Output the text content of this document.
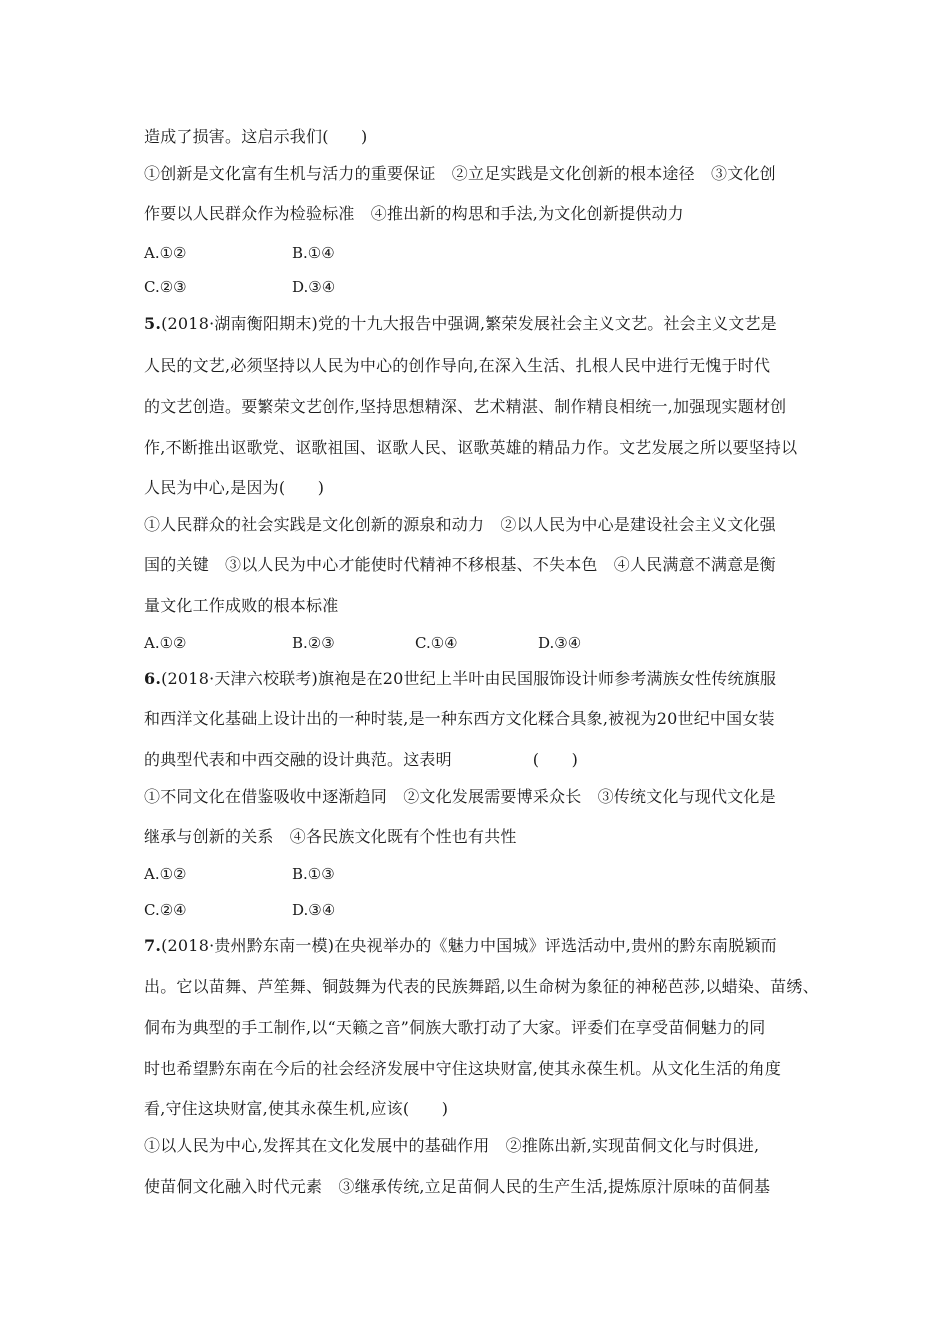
造成了损害。这启示我们(　　)
①创新是文化富有生机与活力的重要保证　②立足实践是文化创新的根本途径　③文化创
作要以人民群众作为检验标准　④推出新的构思和手法,为文化创新提供动力
A.①②	B.①④
C.②③	D.③④
5.(2018·湖南衡阳期末)党的十九大报告中强调,繁荣发展社会主义文艺。社会主义文艺是
人民的文艺,必须坚持以人民为中心的创作导向,在深入生活、扎根人民中进行无愧于时代
的文艺创造。要繁荣文艺创作,坚持思想精深、艺术精湛、制作精良相统一,加强现实题材创
作,不断推出讴歌党、讴歌祖国、讴歌人民、讴歌英雄的精品力作。文艺发展之所以要坚持以
人民为中心,是因为(　　)
①人民群众的社会实践是文化创新的源泉和动力　②以人民为中心是建设社会主义文化强
国的关键　③以人民为中心才能使时代精神不移根基、不失本色　④人民满意不满意是衡
量文化工作成败的根本标准
A.①②	B.②③	C.①④	D.③④
6.(2018·天津六校联考)旗袍是在20世纪上半叶由民国服饰设计师参考满族女性传统旗服
和西洋文化基础上设计出的一种时装,是一种东西方文化糅合具象,被视为20世纪中国女装
的典型代表和中西交融的设计典范。这表明　　　　　(　　)
①不同文化在借鉴吸收中逐渐趋同　②文化发展需要博采众长　③传统文化与现代文化是
继承与创新的关系　④各民族文化既有个性也有共性
A.①②	B.①③
C.②④	D.③④
7.(2018·贵州黔东南一模)在央视举办的《魅力中国城》评选活动中,贵州的黔东南脱颖而
出。它以苗舞、芦笙舞、铜鼓舞为代表的民族舞蹈,以生命树为象征的神秘芭莎,以蜡染、苗绣、
侗布为典型的手工制作,以“天籁之音”侗族大歌打动了大家。评委们在享受苗侗魅力的同
时也希望黔东南在今后的社会经济发展中守住这块财富,使其永葆生机。从文化生活的角度
看,守住这块财富,使其永葆生机,应该(　　)
①以人民为中心,发挥其在文化发展中的基础作用　②推陈出新,实现苗侗文化与时俱进,
使苗侗文化融入时代元素　③继承传统,立足苗侗人民的生产生活,提炼原汁原味的苗侗基
